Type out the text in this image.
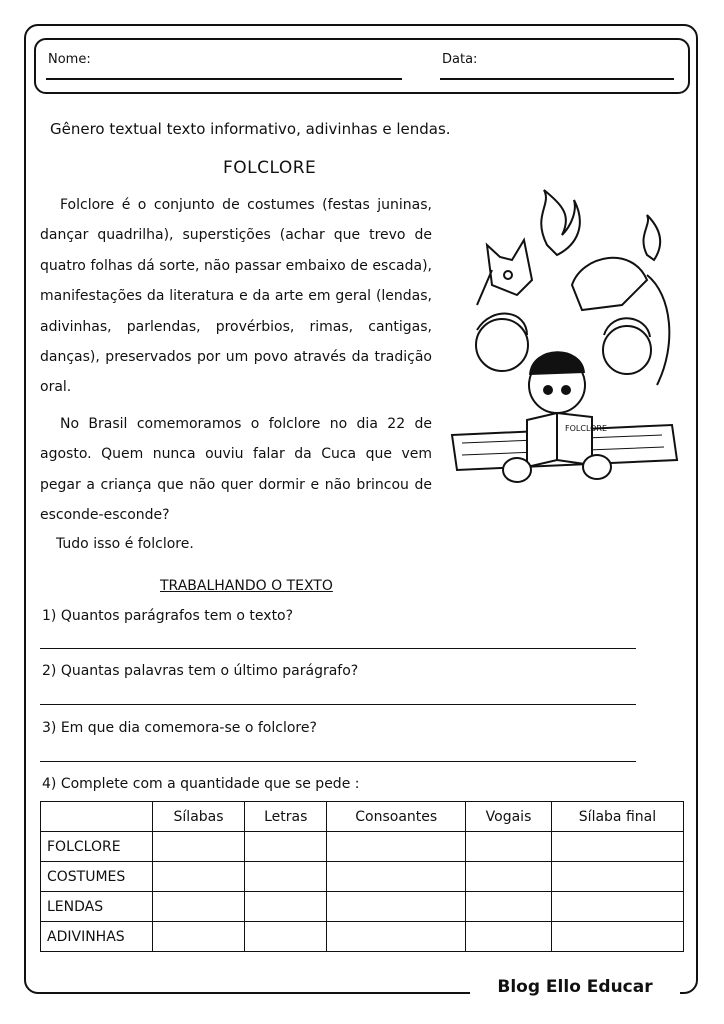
Nome:	Data:
Gênero textual texto informativo, adivinhas e lendas.
FOLCLORE

Folclore é o conjunto de costumes (festas juninas, dançar quadrilha), superstições (achar que trevo de quatro folhas dá sorte, não passar embaixo de escada), manifestações da literatura e da arte em geral (lendas, adivinhas, parlendas, provérbios, rimas, cantigas, danças), preservados por um povo através da tradição oral.

No Brasil comemoramos o folclore no dia 22 de agosto. Quem nunca ouviu falar da Cuca que vem pegar a criança que não quer dormir e não brincou de esconde-esconde?

Tudo isso é folclore.
FOLCLORE
TRABALHANDO O TEXTO
1) Quantos parágrafos tem o texto?
2) Quantas palavras tem o último parágrafo?
3) Em que dia comemora-se o folclore?
4) Complete com a quantidade que se pede :
	Sílabas	Letras	Consoantes	Vogais	Sílaba final
FOLCLORE					
COSTUMES					
LENDAS					
ADIVINHAS					
Blog Ello Educar
